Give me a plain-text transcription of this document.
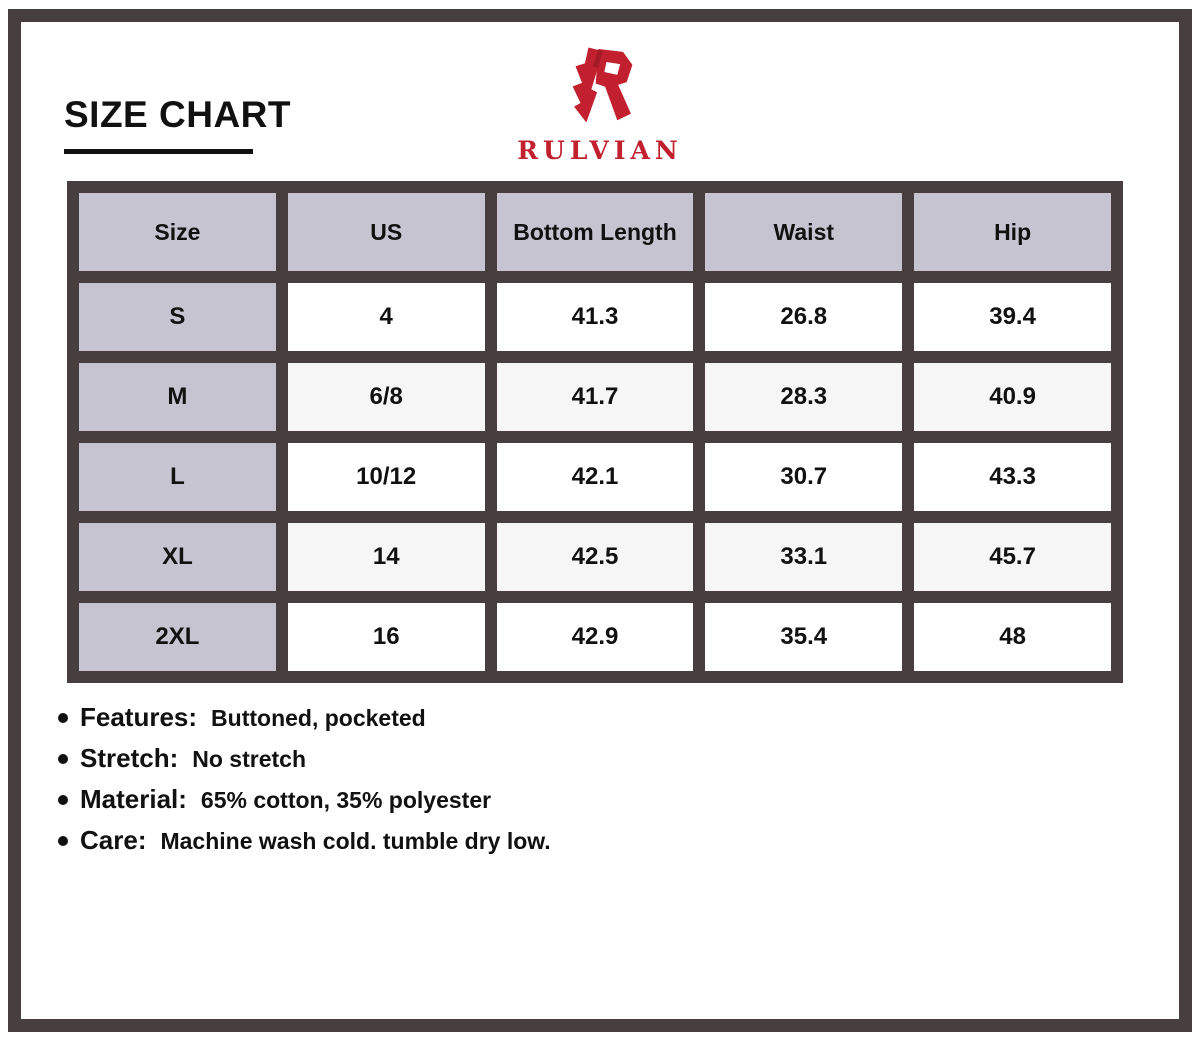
SIZE CHART
RULVIAN
Size	US	Bottom Length	Waist	Hip
S	4	41.3	26.8	39.4
M	6/8	41.7	28.3	40.9
L	10/12	42.1	30.7	43.3
XL	14	42.5	33.1	45.7
2XL	16	42.9	35.4	48
Features: Buttoned, pocketed
Stretch: No stretch
Material: 65% cotton, 35% polyester
Care: Machine wash cold. tumble dry low.
